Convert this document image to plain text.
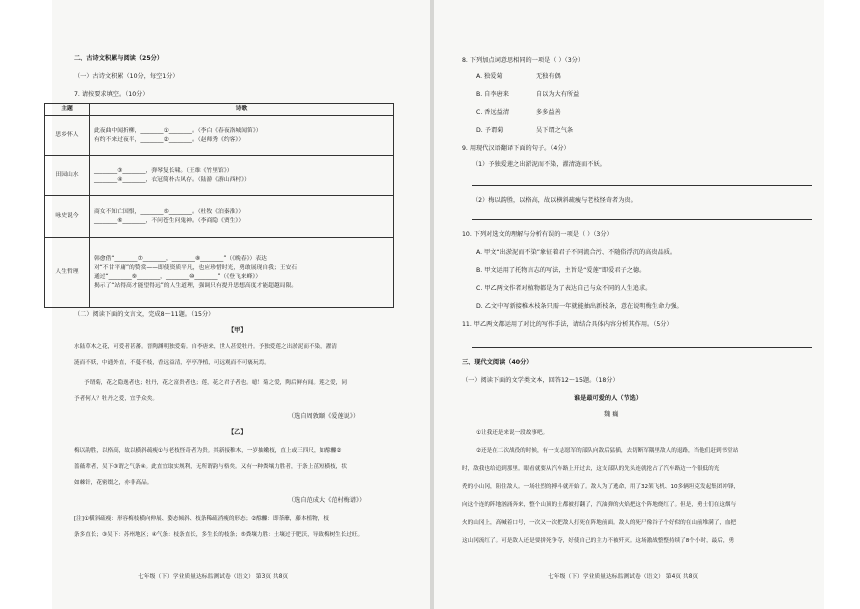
二、古诗文积累与阅读（25分）
（一）古诗文积累（10分，每空1分）
7. 请按要求填空。（10分）
主题	诗歌
思乡怀人	此夜曲中闻折柳，________①________。（李白《春夜洛城闻笛》）
有约不来过夜半，________②________。（赵师秀《约客》）

田园山水	________③________，弹琴复长啸。（王维《竹里馆》）
________④________，衣冠简朴古风存。（陆游《游山西村》）

咏史说今	商女不知亡国恨，________⑤________。（杜牧《泊秦淮》）
________⑥________，不问苍生问鬼神。（李商隐《贾生》）

人生哲理	韩愈借“________⑦________，________⑧________”（《晚春》）表达
对“不甘平庸”的赞赏——即使资质平凡，也应珍惜时光，勇敢展现自我；王安石
通过“________⑨________，________⑩________”（《登飞来峰》）
揭示了“站得高才能望得远”的人生道理，强调只有提升思想高度才能超越局限。
（二）阅读下面的文言文，完成8～11题。（15分）
【甲】
水陆草木之花，可爱者甚蕃。晋陶渊明独爱菊。自李唐来，世人甚爱牡丹。予独爱莲之出淤泥而不染，濯清
涟而不妖，中通外直，不蔓不枝，香远益清，亭亭净植，可远观而不可亵玩焉。
予谓菊，花之隐逸者也；牡丹，花之富贵者也；莲，花之君子者也。噫！菊之爱，陶后鲜有闻。莲之爱，同
予者何人？牡丹之爱，宜乎众矣。
（选自周敦颐《爱莲说》）
【乙】
梅以韵胜，以格高，故以横斜疏瘦①与老枝怪奇者为贵。其新接稚木，一岁抽嫩枝，直上或三四尺，如酴醾②
蔷薇辈者，吴下③谓之气条④。此直宜取实规利，无所谓韵与格矣。又有一种粪壤力胜者，于条上茁短横枝，状
如棘针，花密缀之，亦非高品。
（选自范成大《范村梅谱》）
[注]①横斜疏瘦：形容梅枝横向伸展、姿态倾斜、枝条稀疏消瘦的形态；②酴醾：即荼蘼，藤本植物，枝
条多直长；③吴下：苏州地区；④气条：枝条直长，多生长的枝条；⑤粪壤力胜：土壤过于肥沃，导致梅树生长过旺。
七年级（下）学业质量达标监测试卷（语文） 第3页 共8页
8. 下列加点词意思相同的一项是（ ）（3分）
A. 独爱菊	无独有偶
B. 自李唐来	自以为大有所益
C. 香远益清	多多益善
D. 予谓菊	吴下谓之气条
9. 用现代汉语翻译下面的句子。（4分）
（1）予独爱莲之出淤泥而不染，濯清涟而不妖。
（2）梅以韵胜，以格高，故以横斜疏瘦与老枝怪奇者为贵。
10. 下列对选文的理解与分析有误的一项是（ ）（3分）
A. 甲文“出淤泥而不染”象征着君子不同流合污、不随俗浮沉的高贵品质。
B. 甲文运用了托物言志的写法，主旨是“爱莲”即爱君子之德。
C. 甲乙两文作者对植物都是为了表达自己与众不同的人生追求。
D. 乙文中写新接稚木枝条只需一年就能抽出新枝条，意在说明梅生命力强。
11. 甲乙两文都运用了对比的写作手法，请结合具体内容分析其作用。（5分）
三、现代文阅读（40分）
（一）阅读下面的文学类文本，回答12～15题。（18分）
谁是最可爱的人（节选）
魏 巍
①让我还是来说一段故事吧。
②还是在二次战役的时候，有一支志愿军的部队向敌后猛插，去切断军隅里敌人的退路，当他们赶到书堂站
时，敌我也给追到那里。眼看就要从汽车路上开过去，这支部队的先头连就抢占了汽车路边一个很低的光
秃的小山冈，阻住敌人。一场壮烈的搏斗就开始了。敌人为了逃命，用了32架飞机、10多辆坦克发起集团冲锋，
向这个连的阵地汹涌奔来，整个山顶的土都被打翻了，汽油弹的火焰把这个阵地烧红了。但是，勇士们在这烟与
火的山冈上，高喊着口号，一次又一次把敌人打死在阵地前面。敌人的死尸像谷子个好似的在山前堆满了，血把
这山冈流红了。可是敌人还是要拼死争夺，好使自己的主力不被歼灭。这场激战整整持续了8个小时，最后，勇
七年级（下）学业质量达标监测试卷（语文） 第4页 共8页
